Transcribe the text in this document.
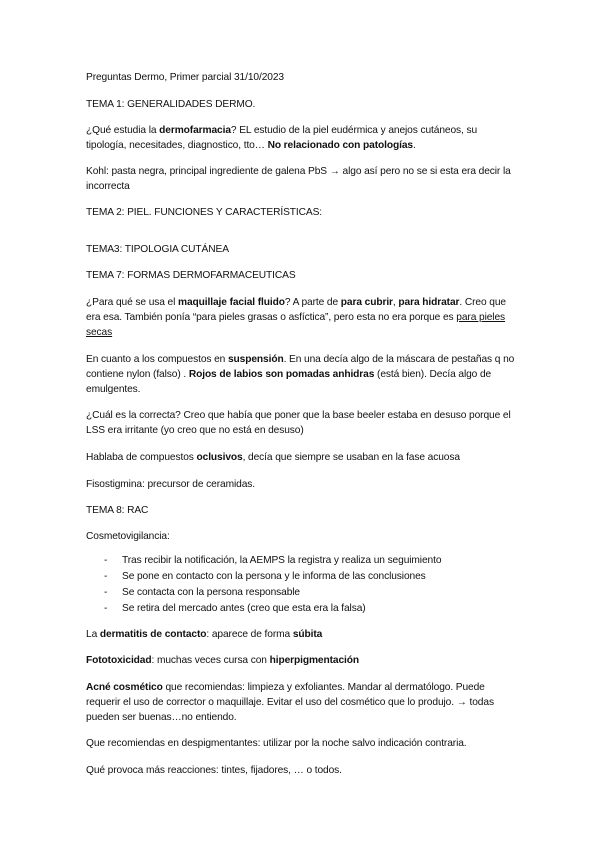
Preguntas Dermo, Primer parcial 31/10/2023

TEMA 1: GENERALIDADES DERMO.

¿Qué estudia la dermofarmacia? EL estudio de la piel eudérmica y anejos cutáneos, su

tipología, necesitades, diagnostico, tto… No relacionado con patologías.

Kohl: pasta negra, principal ingrediente de galena PbS → algo así pero no se si esta era decir la

incorrecta

TEMA 2: PIEL. FUNCIONES Y CARACTERÍSTICAS:

TEMA3: TIPOLOGIA CUTÁNEA

TEMA 7: FORMAS DERMOFARMACEUTICAS

¿Para qué se usa el maquillaje facial fluido? A parte de para cubrir, para hidratar. Creo que

era esa. También ponía “para pieles grasas o asfíctica”, pero esta no era porque es para pieles

secas

En cuanto a los compuestos en suspensión. En una decía algo de la máscara de pestañas q no

contiene nylon (falso) . Rojos de labios son pomadas anhidras (está bien). Decía algo de

emulgentes.

¿Cuál es la correcta? Creo que había que poner que la base beeler estaba en desuso porque el

LSS era irritante (yo creo que no está en desuso)

Hablaba de compuestos oclusivos, decía que siempre se usaban en la fase acuosa

Fisostigmina: precursor de ceramidas.

TEMA 8: RAC

Cosmetovigilancia:

- Tras recibir la notificación, la AEMPS la registra y realiza un seguimiento

- Se pone en contacto con la persona y le informa de las conclusiones

- Se contacta con la persona responsable

- Se retira del mercado antes (creo que esta era la falsa)

La dermatitis de contacto: aparece de forma súbita

Fototoxicidad: muchas veces cursa con hiperpigmentación

Acné cosmético que recomiendas: limpieza y exfoliantes. Mandar al dermatólogo. Puede

requerir el uso de corrector o maquillaje. Evitar el uso del cosmético que lo produjo. → todas

pueden ser buenas…no entiendo.

Que recomiendas en despigmentantes: utilizar por la noche salvo indicación contraria.

Qué provoca más reacciones: tintes, fijadores, … o todos.
